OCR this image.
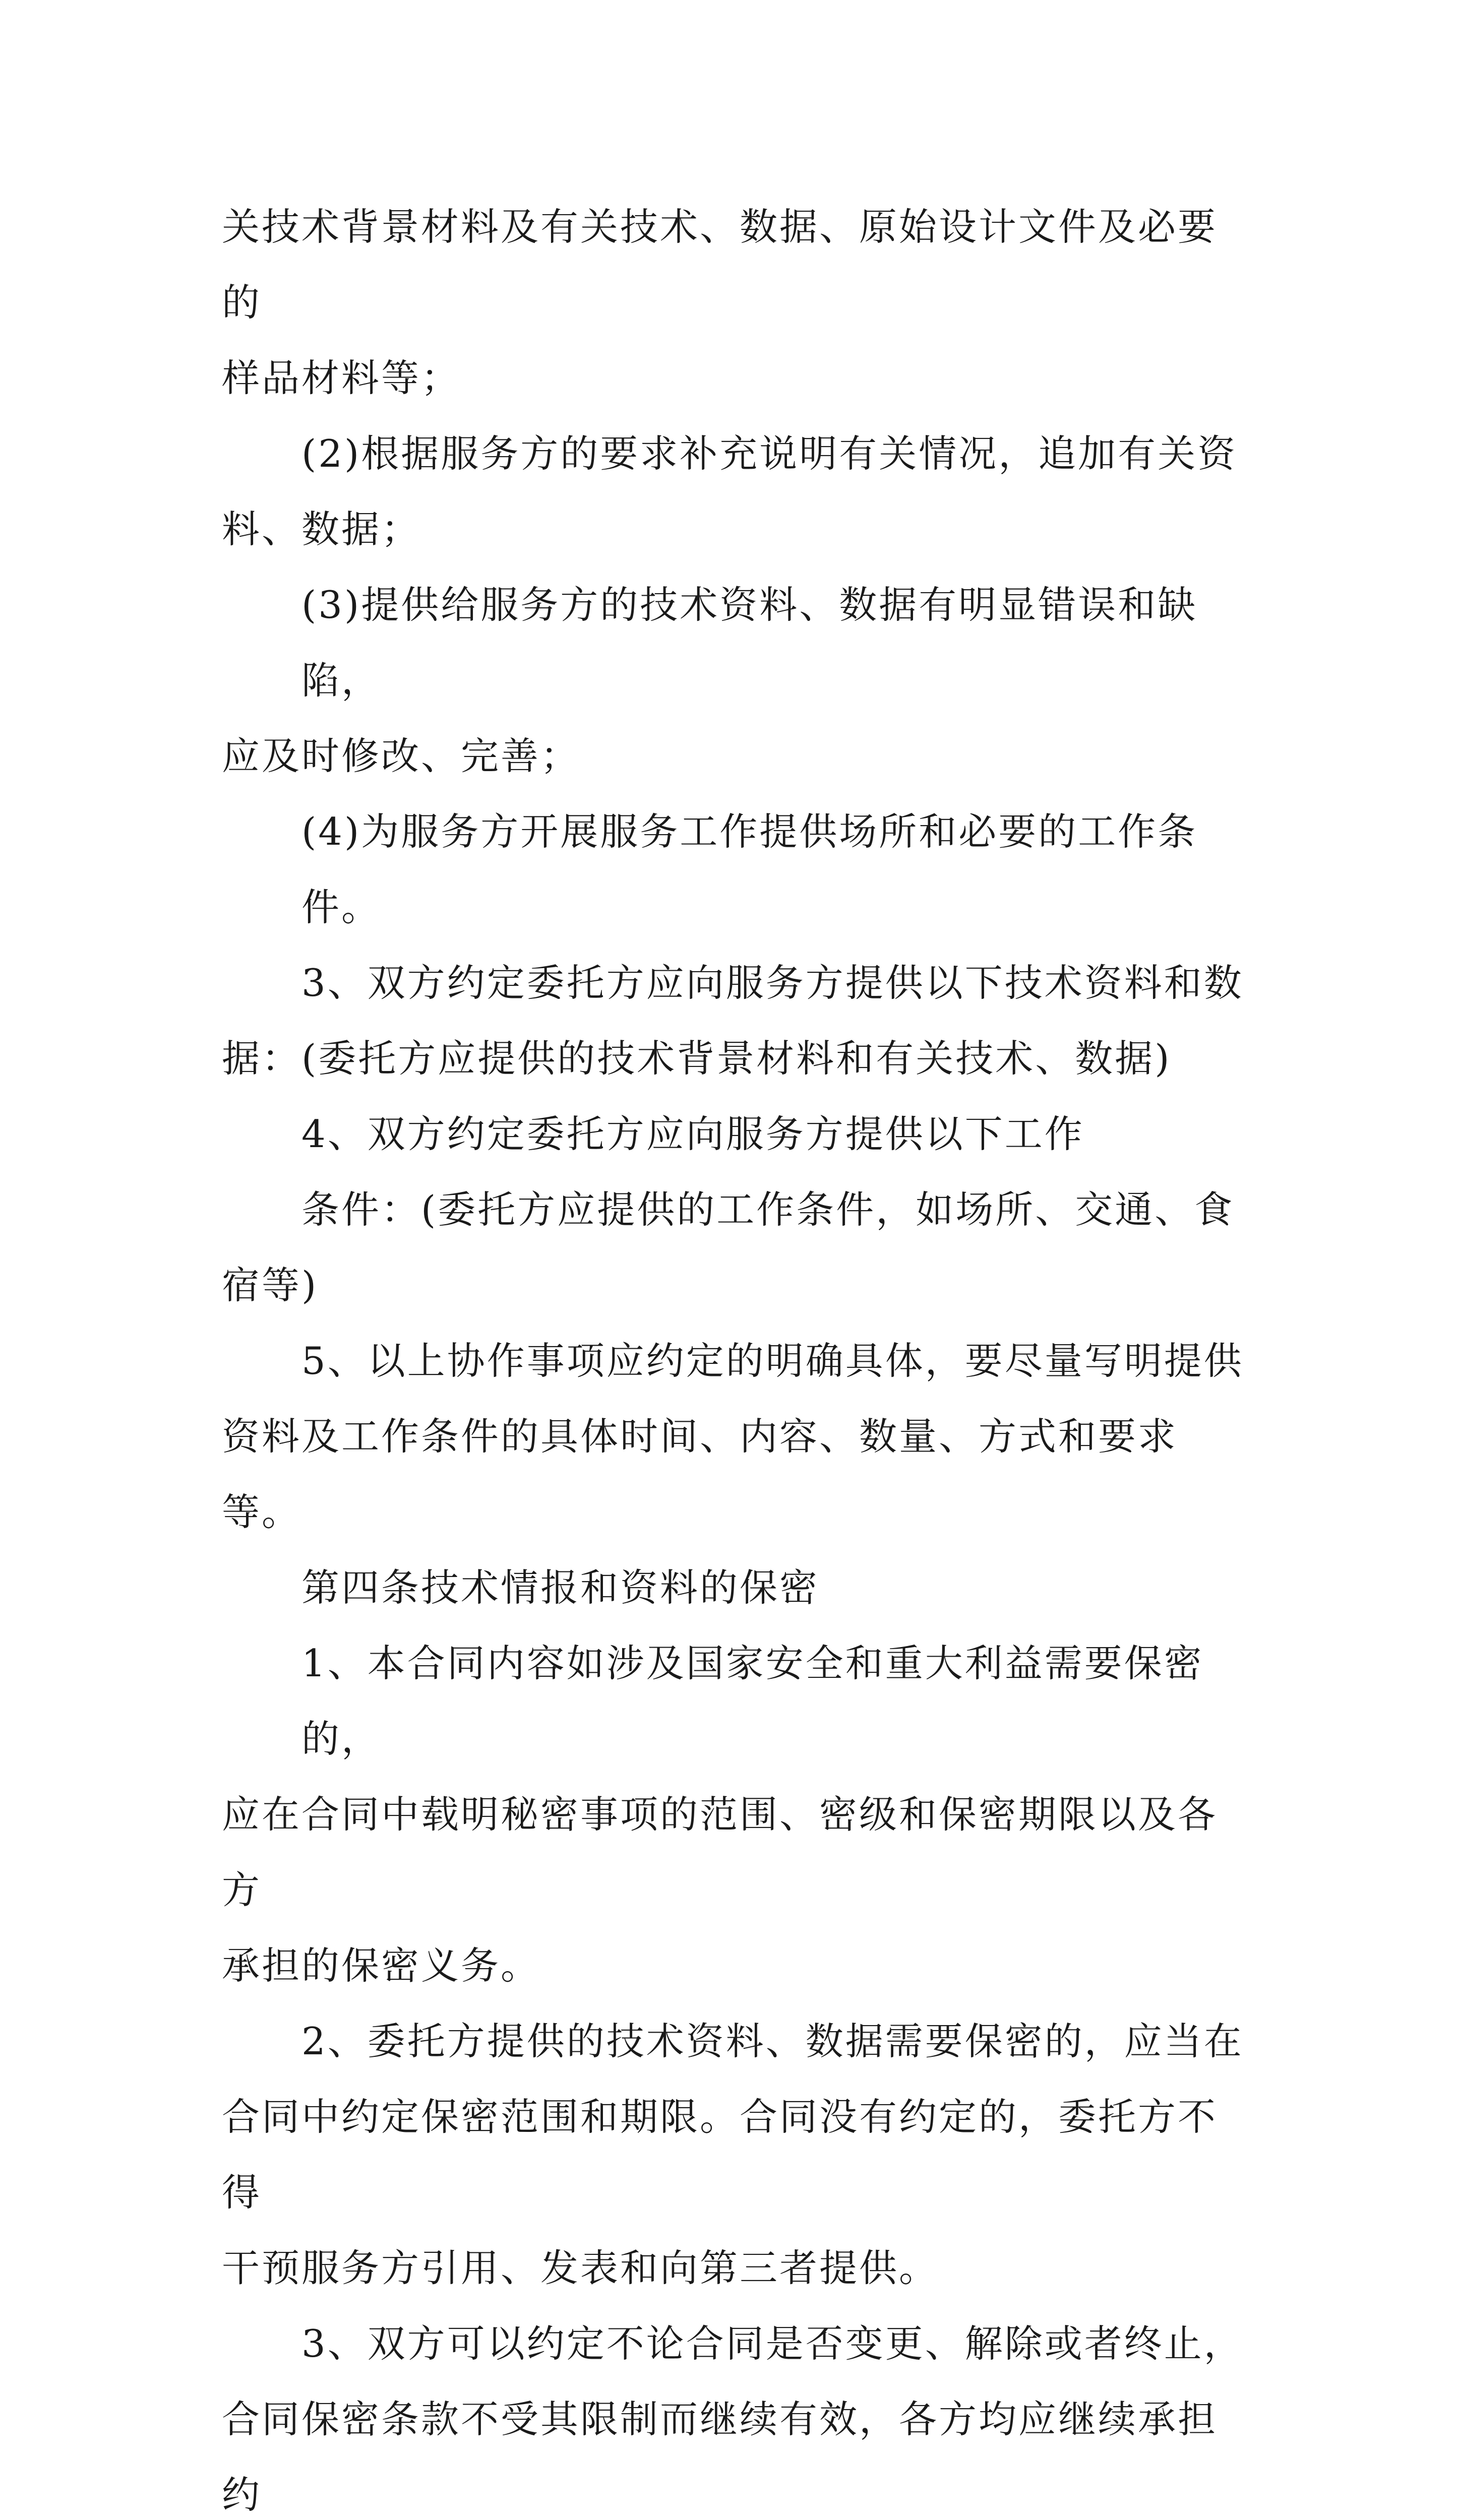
关技术背景材料及有关技术、数据、原始设计文件及必要的
样品材料等；
(2)根据服务方的要求补充说明有关情况，追加有关资
料、数据；
(3)提供给服务方的技术资料、数据有明显错误和缺陷，
应及时修改、完善；
(4)为服务方开展服务工作提供场所和必要的工作条件。
3、双方约定委托方应向服务方提供以下技术资料和数
据：(委托方应提供的技术背景材料和有关技术、数据)
4、双方约定委托方应向服务方提供以下工作
条件：(委托方应提供的工作条件，如场所、交通、食
宿等)
5、以上协作事项应约定的明确具体，要尽量写明提供
资料及工作条件的具体时间、内容、数量、方式和要求等。
第四条技术情报和资料的保密
1、本合同内容如涉及国家安全和重大利益需要保密的，
应在合同中载明秘密事项的范围、密级和保密期限以及各方
承担的保密义务。
2、委托方提供的技术资料、数据需要保密的，应当在
合同中约定保密范围和期限。合同没有约定的，委托方不得
干预服务方引用、发表和向第三者提供。
3、双方可以约定不论合同是否变更、解除或者终止，
合同保密条款不受其限制而继续有效，各方均应继续承担约
